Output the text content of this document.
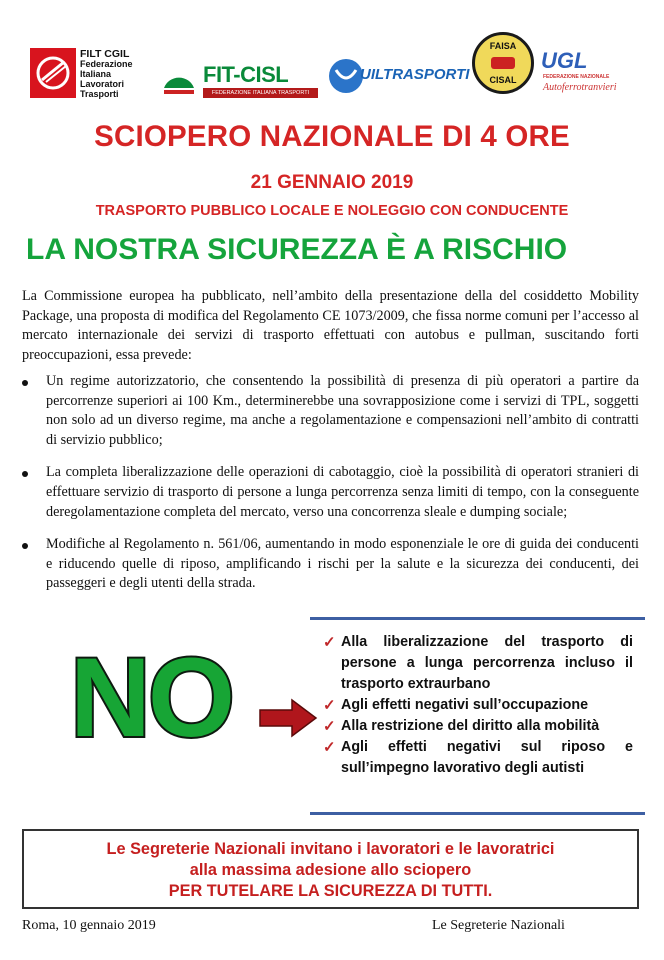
FILT CGIL
Federazione
Italiana
Lavoratori
Trasporti
FIT-CISL
FEDERAZIONE ITALIANA TRASPORTI
UILTRASPORTI
FAISA
CISAL
UGL
FEDERAZIONE NAZIONALE
Autoferrotranvieri
SCIOPERO NAZIONALE DI 4 ORE
21 GENNAIO 2019
TRASPORTO PUBBLICO LOCALE E NOLEGGIO CON CONDUCENTE
LA NOSTRA SICUREZZA È A RISCHIO
La Commissione europea ha pubblicato, nell’ambito della presentazione della del cosiddetto Mobility Package, una proposta di modifica del Regolamento CE 1073/2009, che fissa norme comuni per l’accesso al mercato internazionale dei servizi di trasporto effettuati con autobus e pullman, suscitando forti preoccupazioni, essa prevede:
Un regime autorizzatorio, che consentendo la possibilità di presenza di più operatori a partire da percorrenze superiori ai 100 Km., determinerebbe una sovrapposizione come i servizi di TPL, soggetti non solo ad un diverso regime, ma anche a regolamentazione e compensazioni nell’ambito di contratti di servizio pubblico;
La completa liberalizzazione delle operazioni di cabotaggio, cioè la possibilità di operatori stranieri di effettuare servizio di trasporto di persone a lunga percorrenza senza limiti di tempo, con la conseguente deregolamentazione completa del mercato, verso una concorrenza sleale e dumping sociale;
Modifiche al Regolamento n. 561/06, aumentando in modo esponenziale le ore di guida dei conducenti e riducendo quelle di riposo, amplificando i rischi per la salute e la sicurezza dei conducenti, dei passeggeri e degli utenti della strada.
NO	✓ Alla liberalizzazione del trasporto di persone a lunga percorrenza incluso il trasporto extraurbano
✓ Agli effetti negativi sull’occupazione
✓ Alla restrizione del diritto alla mobilità
✓ Agli effetti negativi sul riposo e sull’impegno lavorativo degli autisti
Le Segreterie Nazionali invitano i lavoratori e le lavoratrici
alla massima adesione allo sciopero
PER TUTELARE LA SICUREZZA DI TUTTI.
Roma, 10 gennaio 2019	Le Segreterie Nazionali
